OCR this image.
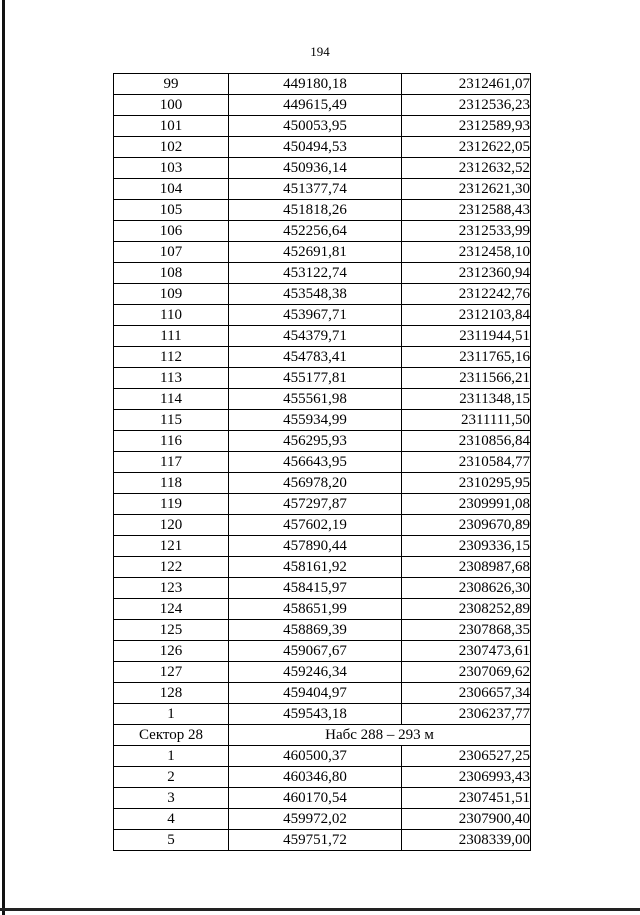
194
99	449180,18	2312461,07
100	449615,49	2312536,23
101	450053,95	2312589,93
102	450494,53	2312622,05
103	450936,14	2312632,52
104	451377,74	2312621,30
105	451818,26	2312588,43
106	452256,64	2312533,99
107	452691,81	2312458,10
108	453122,74	2312360,94
109	453548,38	2312242,76
110	453967,71	2312103,84
111	454379,71	2311944,51
112	454783,41	2311765,16
113	455177,81	2311566,21
114	455561,98	2311348,15
115	455934,99	2311111,50
116	456295,93	2310856,84
117	456643,95	2310584,77
118	456978,20	2310295,95
119	457297,87	2309991,08
120	457602,19	2309670,89
121	457890,44	2309336,15
122	458161,92	2308987,68
123	458415,97	2308626,30
124	458651,99	2308252,89
125	458869,39	2307868,35
126	459067,67	2307473,61
127	459246,34	2307069,62
128	459404,97	2306657,34
1	459543,18	2306237,77
Сектор 28	Набс 288 – 293 м	
1	460500,37	2306527,25
2	460346,80	2306993,43
3	460170,54	2307451,51
4	459972,02	2307900,40
5	459751,72	2308339,00
